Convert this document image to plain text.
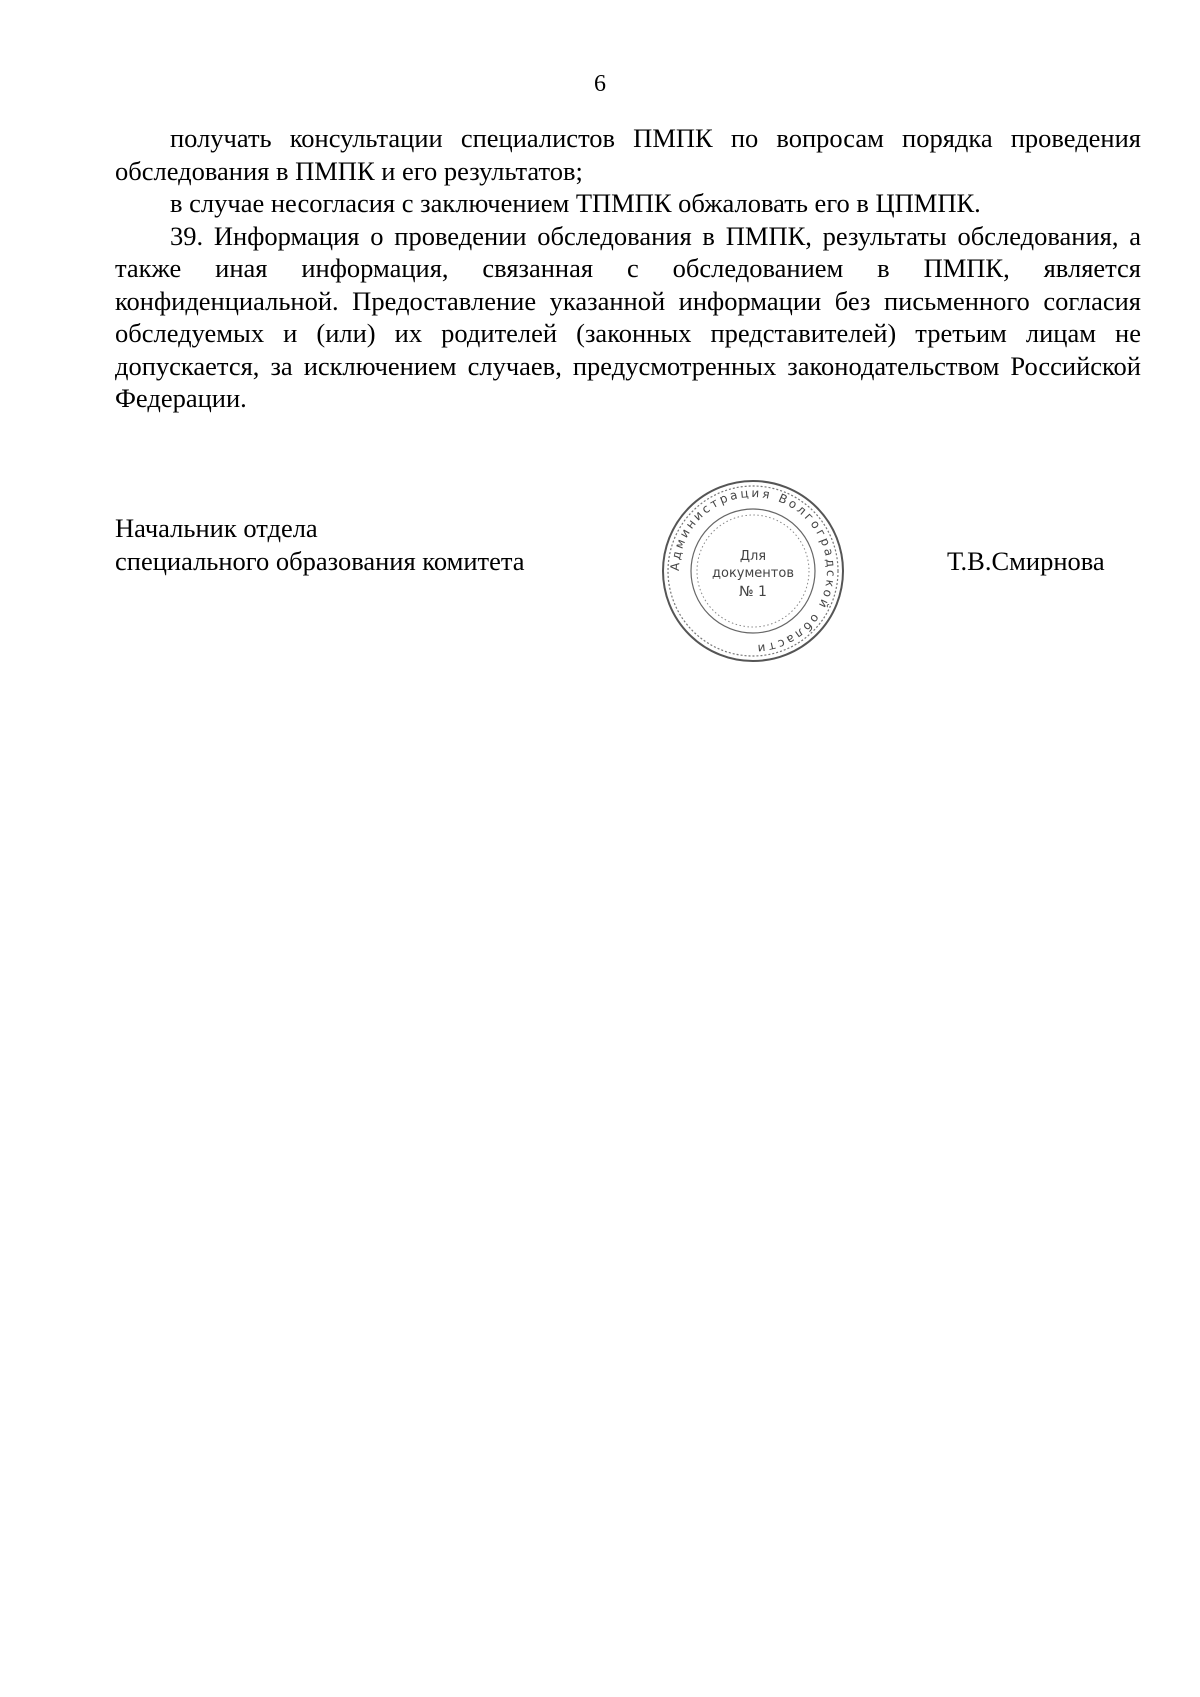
6

получать консультации специалистов ПМПК по вопросам порядка проведения обследования в ПМПК и его результатов;

в случае несогласия с заключением ТПМПК обжаловать его в ЦПМПК.

39. Информация о проведении обследования в ПМПК, результаты обследования, а также иная информация, связанная с обследованием в ПМПК, является конфиденциальной. Предоставление указанной информации без письменного согласия обследуемых и (или) их родителей (законных представителей) третьим лицам не допускается, за исключением случаев, предусмотренных законодательством Российской Федерации.

Начальник отдела
специального образования комитета	Администрация Волгоградской области
Для
документов
№ 1
Т.В.Смирнова
